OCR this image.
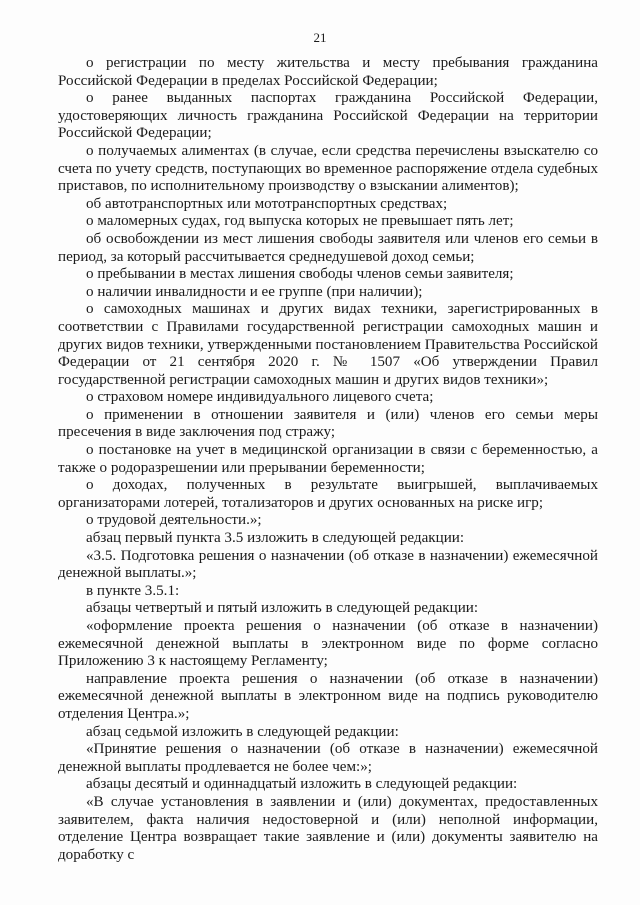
21

о регистрации по месту жительства и месту пребывания гражданина Российской Федерации в пределах Российской Федерации;

о ранее выданных паспортах гражданина Российской Федерации, удостоверяющих личность гражданина Российской Федерации на территории Российской Федерации;

о получаемых алиментах (в случае, если средства перечислены взыскателю со счета по учету средств, поступающих во временное распоряжение отдела судебных приставов, по исполнительному производству о взыскании алиментов);

об автотранспортных или мототранспортных средствах;

о маломерных судах, год выпуска которых не превышает пять лет;

об освобождении из мест лишения свободы заявителя или членов его семьи в период, за который рассчитывается среднедушевой доход семьи;

о пребывании в местах лишения свободы членов семьи заявителя;

о наличии инвалидности и ее группе (при наличии);

о самоходных машинах и других видах техники, зарегистрированных в соответствии с Правилами государственной регистрации самоходных машин и других видов техники, утвержденными постановлением Правительства Российской Федерации от 21 сентября 2020 г. № 1507 «Об утверждении Правил государственной регистрации самоходных машин и других видов техники»;

о страховом номере индивидуального лицевого счета;

о применении в отношении заявителя и (или) членов его семьи меры пресечения в виде заключения под стражу;

о постановке на учет в медицинской организации в связи с беременностью, а также о родоразрешении или прерывании беременности;

о доходах, полученных в результате выигрышей, выплачиваемых организаторами лотерей, тотализаторов и других основанных на риске игр;

о трудовой деятельности.»;

абзац первый пункта 3.5 изложить в следующей редакции:

«3.5. Подготовка решения о назначении (об отказе в назначении) ежемесячной денежной выплаты.»;

в пункте 3.5.1:

абзацы четвертый и пятый изложить в следующей редакции:

«оформление проекта решения о назначении (об отказе в назначении) ежемесячной денежной выплаты в электронном виде по форме согласно Приложению 3 к настоящему Регламенту;

направление проекта решения о назначении (об отказе в назначении) ежемесячной денежной выплаты в электронном виде на подпись руководителю отделения Центра.»;

абзац седьмой изложить в следующей редакции:

«Принятие решения о назначении (об отказе в назначении) ежемесячной денежной выплаты продлевается не более чем:»;

абзацы десятый и одиннадцатый изложить в следующей редакции:

«В случае установления в заявлении и (или) документах, предоставленных заявителем, факта наличия недостоверной и (или) неполной информации, отделение Центра возвращает такие заявление и (или) документы заявителю на доработку с
